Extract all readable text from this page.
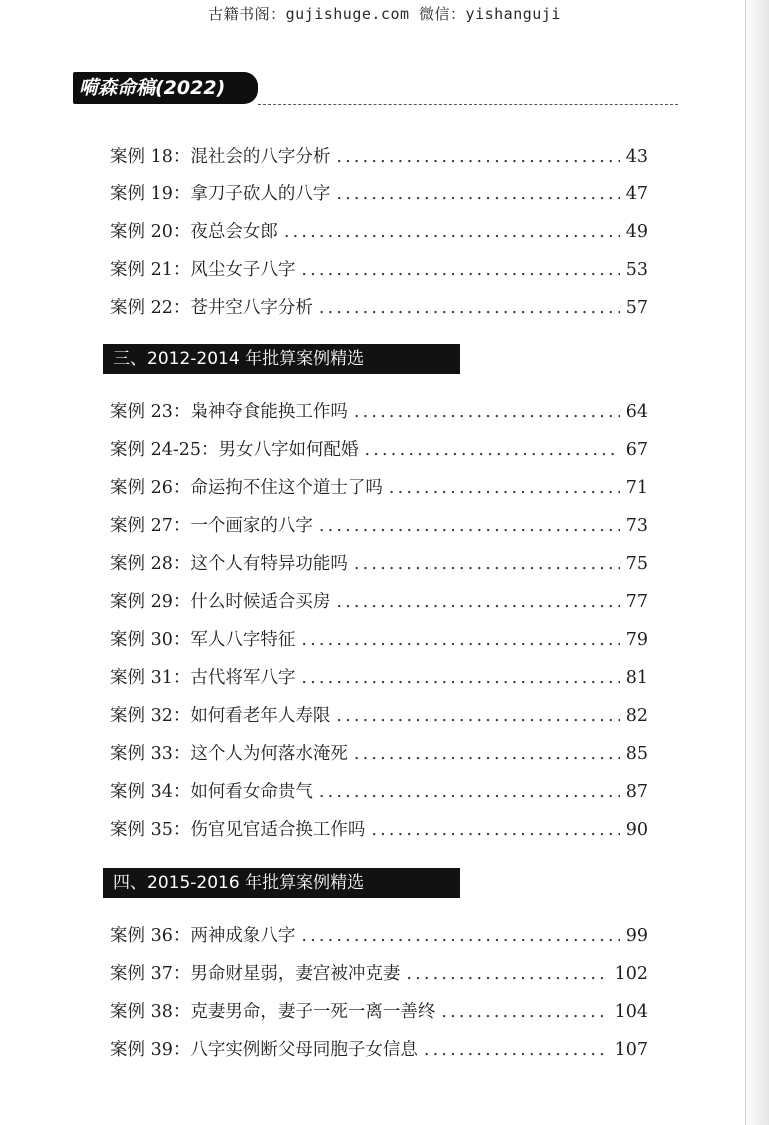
古籍书阁：gujishuge.com 微信：yishanguji
嗬森命稿(2022)
案例 18：混社会的八字分析 .....	43
案例 19：拿刀子砍人的八字 .....	47
案例 20：夜总会女郎 .....	49
案例 21：风尘女子八字 .....	53
案例 22：苍井空八字分析 .....	57
三、2012-2014 年批算案例精选
案例 23：枭神夺食能换工作吗 .....	64
案例 24-25：男女八字如何配婚 .....	67
案例 26：命运拘不住这个道士了吗 .....	71
案例 27：一个画家的八字 .....	73
案例 28：这个人有特异功能吗 .....	75
案例 29：什么时候适合买房 .....	77
案例 30：军人八字特征 .....	79
案例 31：古代将军八字 .....	81
案例 32：如何看老年人寿限 .....	82
案例 33：这个人为何落水淹死 .....	85
案例 34：如何看女命贵气 .....	87
案例 35：伤官见官适合换工作吗 .....	90
四、2015-2016 年批算案例精选
案例 36：两神成象八字 .....	99
案例 37：男命财星弱，妻宫被冲克妻 .....	102
案例 38：克妻男命，妻子一死一离一善终 .....	104
案例 39：八字实例断父母同胞子女信息 .....	107
